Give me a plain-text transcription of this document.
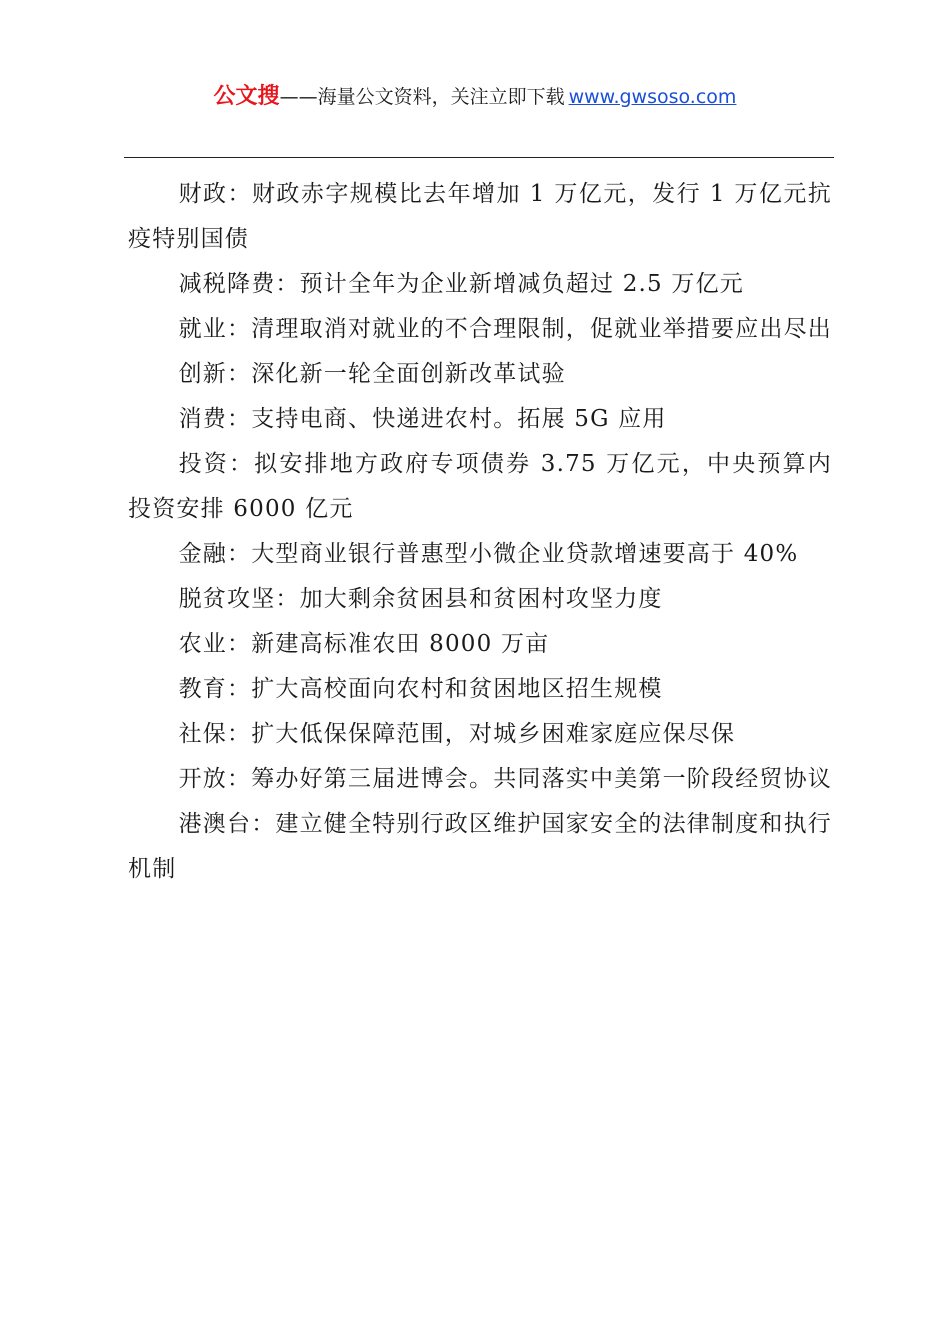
公文搜——海量公文资料，关注立即下载 www.gwsoso.com

财政：财政赤字规模比去年增加 1 万亿元，发行 1 万亿元抗疫特别国债

减税降费：预计全年为企业新增减负超过 2.5 万亿元

就业：清理取消对就业的不合理限制，促就业举措要应出尽出

创新：深化新一轮全面创新改革试验

消费：支持电商、快递进农村。拓展 5G 应用

投资：拟安排地方政府专项债券 3.75 万亿元，中央预算内投资安排 6000 亿元

金融：大型商业银行普惠型小微企业贷款增速要高于 40%

脱贫攻坚：加大剩余贫困县和贫困村攻坚力度

农业：新建高标准农田 8000 万亩

教育：扩大高校面向农村和贫困地区招生规模

社保：扩大低保保障范围，对城乡困难家庭应保尽保

开放：筹办好第三届进博会。共同落实中美第一阶段经贸协议

港澳台：建立健全特别行政区维护国家安全的法律制度和执行机制
